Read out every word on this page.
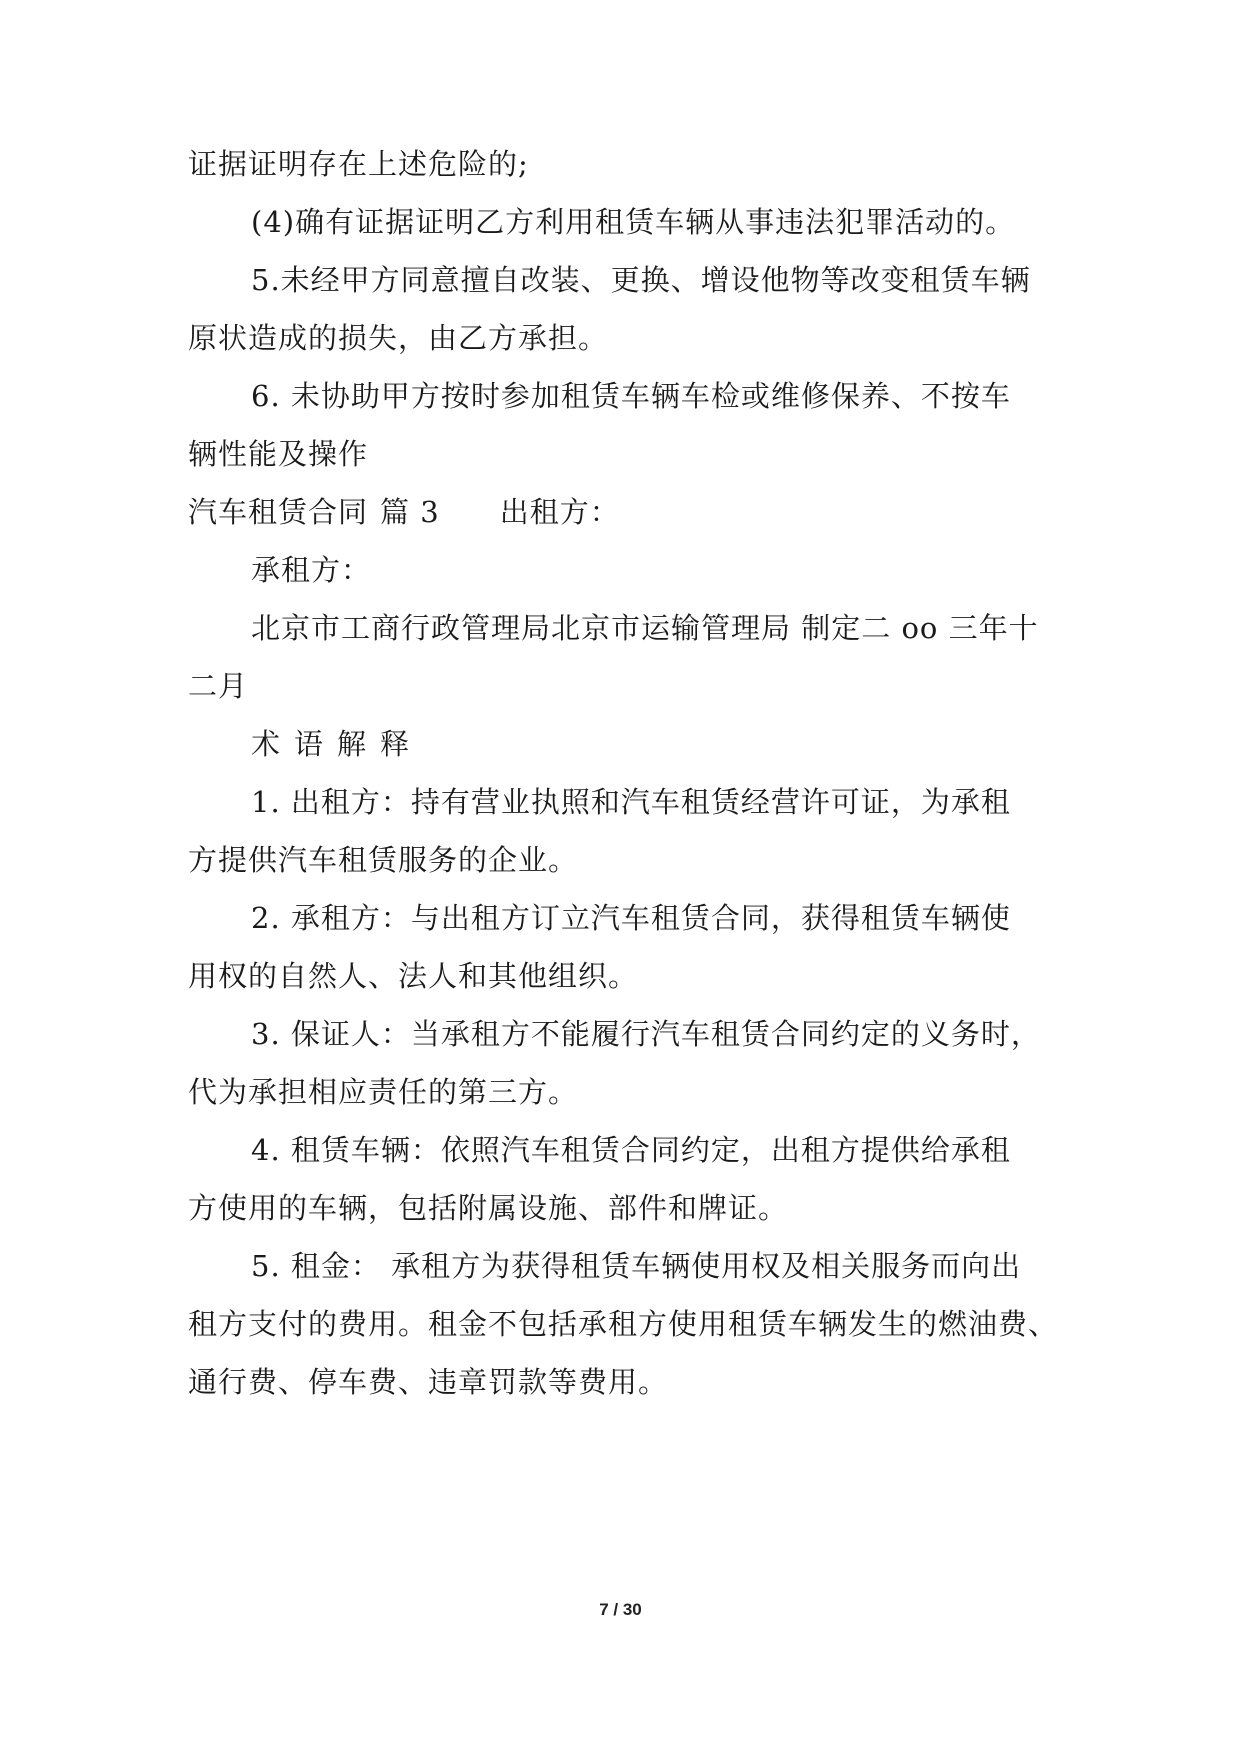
证据证明存在上述危险的;
(4)确有证据证明乙方利用租赁车辆从事违法犯罪活动的。
5.未经甲方同意擅自改装、更换、增设他物等改变租赁车辆
原状造成的损失，由乙方承担。
6. 未协助甲方按时参加租赁车辆车检或维修保养、不按车
辆性能及操作
汽车租赁合同 篇 3 出租方：
承租方：
北京市工商行政管理局北京市运输管理局 制定二 oo 三年十
二月
术语解释
1. 出租方：持有营业执照和汽车租赁经营许可证，为承租
方提供汽车租赁服务的企业。
2. 承租方：与出租方订立汽车租赁合同，获得租赁车辆使
用权的自然人、法人和其他组织。
3. 保证人：当承租方不能履行汽车租赁合同约定的义务时，
代为承担相应责任的第三方。
4. 租赁车辆：依照汽车租赁合同约定，出租方提供给承租
方使用的车辆，包括附属设施、部件和牌证。
5. 租金： 承租方为获得租赁车辆使用权及相关服务而向出
租方支付的费用。租金不包括承租方使用租赁车辆发生的燃油费、
通行费、停车费、违章罚款等费用。
7 / 30
